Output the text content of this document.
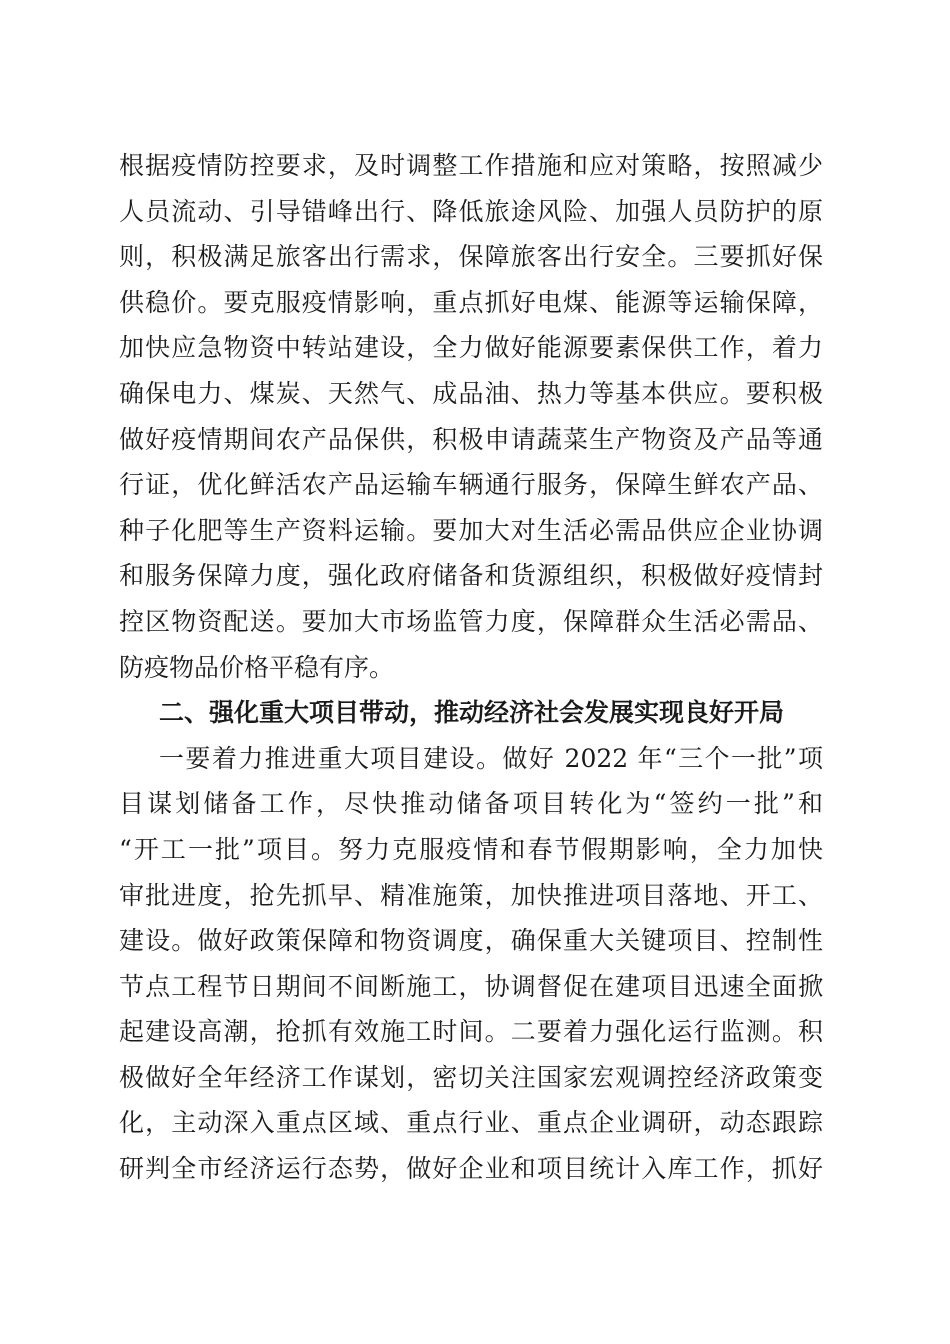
根据疫情防控要求，及时调整工作措施和应对策略，按照减少
人员流动、引导错峰出行、降低旅途风险、加强人员防护的原
则，积极满足旅客出行需求，保障旅客出行安全。三要抓好保
供稳价。要克服疫情影响，重点抓好电煤、能源等运输保障，
加快应急物资中转站建设，全力做好能源要素保供工作，着力
确保电力、煤炭、天然气、成品油、热力等基本供应。要积极
做好疫情期间农产品保供，积极申请蔬菜生产物资及产品等通
行证，优化鲜活农产品运输车辆通行服务，保障生鲜农产品、
种子化肥等生产资料运输。要加大对生活必需品供应企业协调
和服务保障力度，强化政府储备和货源组织，积极做好疫情封
控区物资配送。要加大市场监管力度，保障群众生活必需品、
防疫物品价格平稳有序。
二、强化重大项目带动，推动经济社会发展实现良好开局
一要着力推进重大项目建设。做好 2022 年“三个一批”项
目谋划储备工作，尽快推动储备项目转化为“签约一批”和
“开工一批”项目。努力克服疫情和春节假期影响，全力加快
审批进度，抢先抓早、精准施策，加快推进项目落地、开工、
建设。做好政策保障和物资调度，确保重大关键项目、控制性
节点工程节日期间不间断施工，协调督促在建项目迅速全面掀
起建设高潮，抢抓有效施工时间。二要着力强化运行监测。积
极做好全年经济工作谋划，密切关注国家宏观调控经济政策变
化，主动深入重点区域、重点行业、重点企业调研，动态跟踪
研判全市经济运行态势，做好企业和项目统计入库工作，抓好
